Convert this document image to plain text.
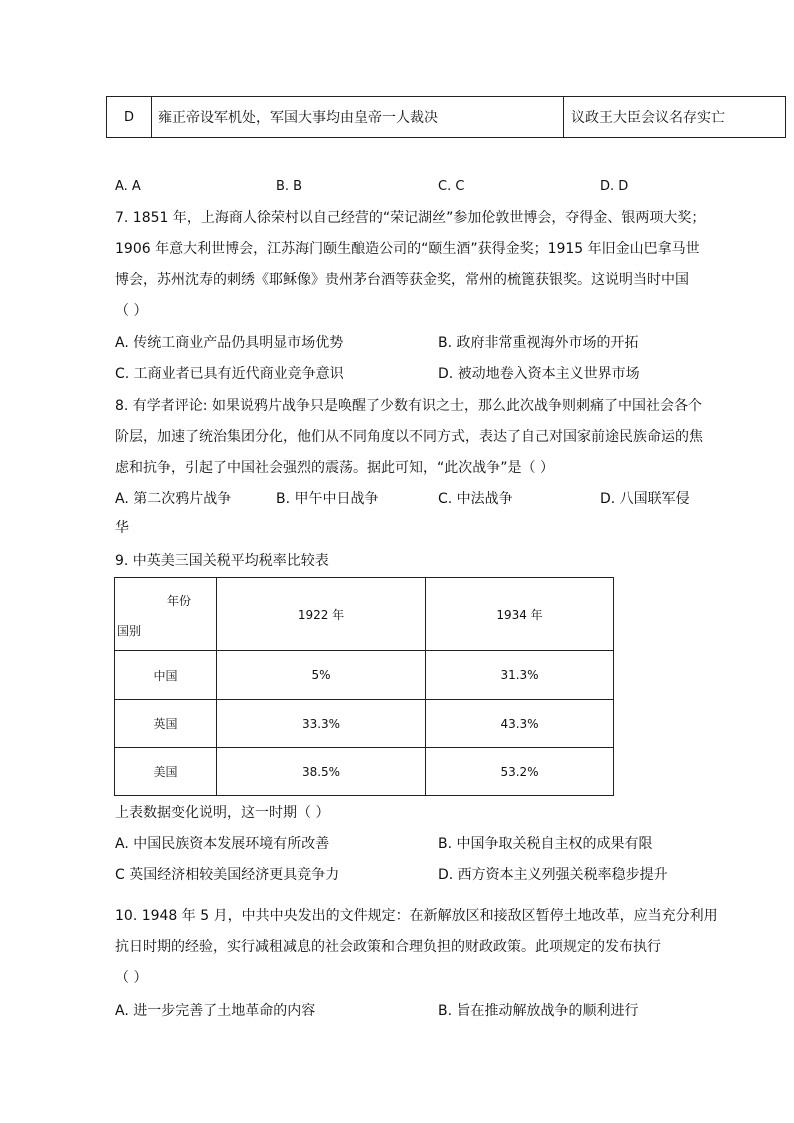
D	雍正帝设军机处，军国大事均由皇帝一人裁决	议政王大臣会议名存实亡
A. A	B. B	C. C	D. D
7. 1851 年，上海商人徐荣村以自己经营的“荣记湖丝”参加伦敦世博会，夺得金、银两项大奖；
1906 年意大利世博会，江苏海门颐生酿造公司的“颐生酒”获得金奖；1915 年旧金山巴拿马世
博会，苏州沈寿的刺绣《耶稣像》贵州茅台酒等获金奖，常州的梳篦获银奖。这说明当时中国
（ ）
A. 传统工商业产品仍具明显市场优势	B. 政府非常重视海外市场的开拓
C. 工商业者已具有近代商业竞争意识	D. 被动地卷入资本主义世界市场
8. 有学者评论: 如果说鸦片战争只是唤醒了少数有识之士，那么此次战争则刺痛了中国社会各个
阶层，加速了统治集团分化，他们从不同角度以不同方式，表达了自己对国家前途民族命运的焦
虑和抗争，引起了中国社会强烈的震荡。据此可知，“此次战争”是（ ）
A. 第二次鸦片战争	B. 甲午中日战争	C. 中法战争	D. 八国联军侵
华
9. 中英美三国关税平均税率比较表
年份
国别
1922 年	1934 年
中国	5%	31.3%
英国	33.3%	43.3%
美国	38.5%	53.2%
上表数据变化说明，这一时期（ ）
A. 中国民族资本发展环境有所改善	B. 中国争取关税自主权的成果有限
C 英国经济相较美国经济更具竞争力	D. 西方资本主义列强关税率稳步提升
10. 1948 年 5 月，中共中央发出的文件规定：在新解放区和接敌区暂停土地改革，应当充分利用
抗日时期的经验，实行减租减息的社会政策和合理负担的财政政策。此项规定的发布执行
（ ）
A. 进一步完善了土地革命的内容	B. 旨在推动解放战争的顺利进行
